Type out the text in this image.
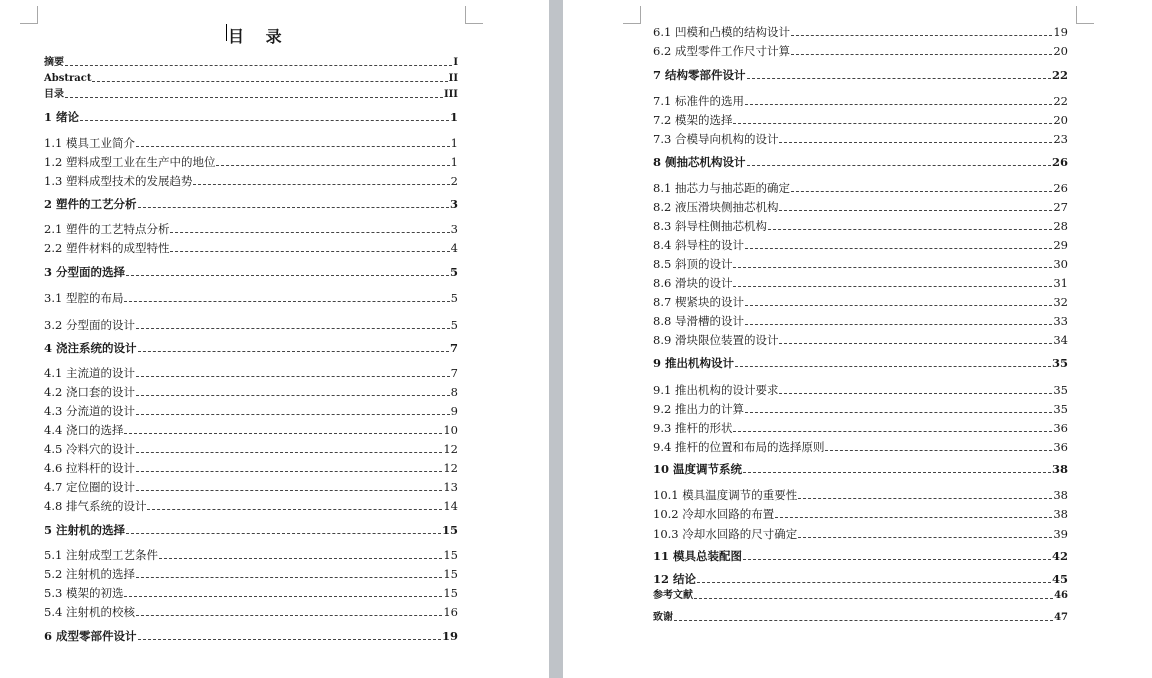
目 录
摘要	I
Abstract	II
目录	III
1 绪论	1
1.1 模具工业简介	1
1.2 塑料成型工业在生产中的地位	1
1.3 塑料成型技术的发展趋势	2
2 塑件的工艺分析	3
2.1 塑件的工艺特点分析	3
2.2 塑件材料的成型特性	4
3 分型面的选择	5
3.1 型腔的布局	5
3.2 分型面的设计	5
4 浇注系统的设计	7
4.1 主流道的设计	7
4.2 浇口套的设计	8
4.3 分流道的设计	9
4.4 浇口的选择	10
4.5 冷料穴的设计	12
4.6 拉料杆的设计	12
4.7 定位圈的设计	13
4.8 排气系统的设计	14
5 注射机的选择	15
5.1 注射成型工艺条件	15
5.2 注射机的选择	15
5.3 模架的初选	15
5.4 注射机的校核	16
6 成型零部件设计	19
6.1 凹模和凸模的结构设计	19
6.2 成型零件工作尺寸计算	20
7 结构零部件设计	22
7.1 标准件的选用	22
7.2 模架的选择	20
7.3 合模导向机构的设计	23
8 侧抽芯机构设计	26
8.1 抽芯力与抽芯距的确定	26
8.2 液压滑块侧抽芯机构	27
8.3 斜导柱侧抽芯机构	28
8.4 斜导柱的设计	29
8.5 斜顶的设计	30
8.6 滑块的设计	31
8.7 楔紧块的设计	32
8.8 导滑槽的设计	33
8.9 滑块限位装置的设计	34
9 推出机构设计	35
9.1 推出机构的设计要求	35
9.2 推出力的计算	35
9.3 推杆的形状	36
9.4 推杆的位置和布局的选择原则	36
10 温度调节系统	38
10.1 模具温度调节的重要性	38
10.2 冷却水回路的布置	38
10.3 冷却水回路的尺寸确定	39
11 模具总装配图	42
12 结论	45
参考文献	46
致谢	47
